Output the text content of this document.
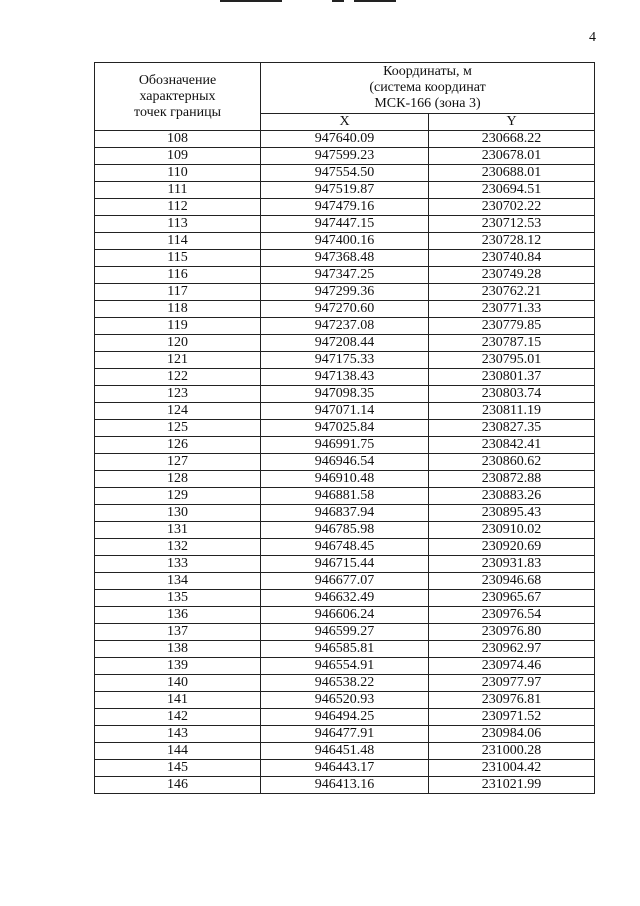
4
Обозначение
характерных
точек границы	Координаты, м
(система координат
МСК-166 (зона 3)	

	X	Y
108	947640.09	230668.22
109	947599.23	230678.01
110	947554.50	230688.01
111	947519.87	230694.51
112	947479.16	230702.22
113	947447.15	230712.53
114	947400.16	230728.12
115	947368.48	230740.84
116	947347.25	230749.28
117	947299.36	230762.21
118	947270.60	230771.33
119	947237.08	230779.85
120	947208.44	230787.15
121	947175.33	230795.01
122	947138.43	230801.37
123	947098.35	230803.74
124	947071.14	230811.19
125	947025.84	230827.35
126	946991.75	230842.41
127	946946.54	230860.62
128	946910.48	230872.88
129	946881.58	230883.26
130	946837.94	230895.43
131	946785.98	230910.02
132	946748.45	230920.69
133	946715.44	230931.83
134	946677.07	230946.68
135	946632.49	230965.67
136	946606.24	230976.54
137	946599.27	230976.80
138	946585.81	230962.97
139	946554.91	230974.46
140	946538.22	230977.97
141	946520.93	230976.81
142	946494.25	230971.52
143	946477.91	230984.06
144	946451.48	231000.28
145	946443.17	231004.42
146	946413.16	231021.99
